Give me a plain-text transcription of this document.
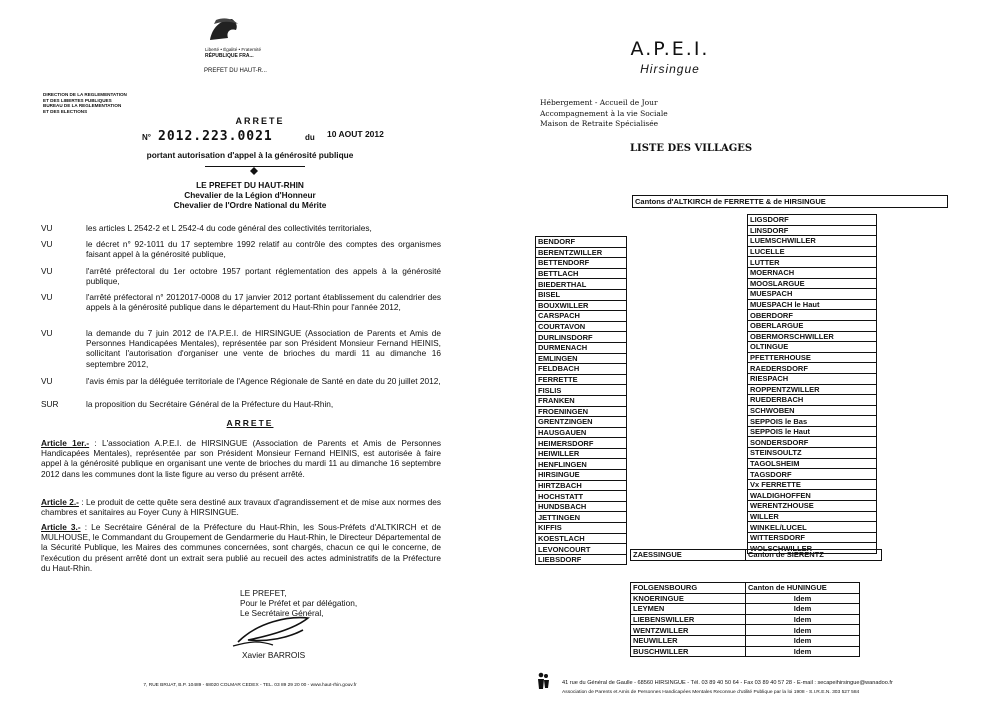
Liberté • Égalité • Fraternité
RÉPUBLIQUE FRA...
PREFET DU HAUT-R...
DIRECTION DE LA REGLEMENTATION
ET DES LIBERTES PUBLIQUES
BUREAU DE LA REGLEMENTATION
ET DES ELECTIONS
ARRETE
N° 2012.223.0021	du 10 AOUT 2012
portant autorisation d'appel à la générosité publique
LE PREFET DU HAUT-RHIN
Chevalier de la Légion d'Honneur
Chevalier de l'Ordre National du Mérite
VU	les articles L 2542-2 et L 2542-4 du code général des collectivités territoriales,
VU	le décret n° 92-1011 du 17 septembre 1992 relatif au contrôle des comptes des organismes faisant appel à la générosité publique,
VU	l'arrêté préfectoral du 1er octobre 1957 portant réglementation des appels à la générosité publique,
VU	l'arrêté préfectoral n° 2012017-0008 du 17 janvier 2012 portant établissement du calendrier des appels à la générosité publique dans le département du Haut-Rhin pour l'année 2012,
VU	la demande du 7 juin 2012 de l'A.P.E.I. de HIRSINGUE (Association de Parents et Amis de Personnes Handicapées Mentales), représentée par son Président Monsieur Fernand HEINIS, sollicitant l'autorisation d'organiser une vente de brioches du mardi 11 au dimanche 16 septembre 2012,
VU	l'avis émis par la déléguée territoriale de l'Agence Régionale de Santé en date du 20 juillet 2012,
SUR	la proposition du Secrétaire Général de la Préfecture du Haut-Rhin,
ARRETE
Article 1er.- : L'association A.P.E.I. de HIRSINGUE (Association de Parents et Amis de Personnes Handicapées Mentales), représentée par son Président Monsieur Fernand HEINIS, est autorisée à faire appel à la générosité publique en organisant une vente de brioches du mardi 11 au dimanche 16 septembre 2012 dans les communes dont la liste figure au verso du présent arrêté.
Article 2.- : Le produit de cette quête sera destiné aux travaux d'agrandissement et de mise aux normes des chambres et sanitaires au Foyer Cuny à HIRSINGUE.
Article 3.- : Le Secrétaire Général de la Préfecture du Haut-Rhin, les Sous-Préfets d'ALTKIRCH et de MULHOUSE, le Commandant du Groupement de Gendarmerie du Haut-Rhin, le Directeur Départemental de la Sécurité Publique, les Maires des communes concernées, sont chargés, chacun ce qui le concerne, de l'exécution du présent arrêté dont un extrait sera publié au recueil des actes administratifs de la Préfecture du Haut-Rhin.
LE PREFET,
Pour le Préfet et par délégation,
Le Secrétaire Général,
Xavier BARROIS
7, RUE BRUAT, B.P. 10489 - 68020 COLMAR CEDEX - TEL. 03 89 29 20 00 - www.haut-rhin.gouv.fr
A.P.E.I.
Hirsingue
Hébergement - Accueil de Jour
Accompagnement à la vie Sociale
Maison de Retraite Spécialisée
LISTE DES VILLAGES
Cantons d'ALTKIRCH de FERRETTE & de HIRSINGUE
BENDORF
BERENTZWILLER
BETTENDORF
BETTLACH
BIEDERTHAL
BISEL
BOUXWILLER
CARSPACH
COURTAVON
DURLINSDORF
DURMENACH
EMLINGEN
FELDBACH
FERRETTE
FISLIS
FRANKEN
FROENINGEN
GRENTZINGEN
HAUSGAUEN
HEIMERSDORF
HEIWILLER
HENFLINGEN
HIRSINGUE
HIRTZBACH
HOCHSTATT
HUNDSBACH
JETTINGEN
KIFFIS
KOESTLACH
LEVONCOURT
LIEBSDORF
LIGSDORF
LINSDORF
LUEMSCHWILLER
LUCELLE
LUTTER
MOERNACH
MOOSLARGUE
MUESPACH
MUESPACH le Haut
OBERDORF
OBERLARGUE
OBERMORSCHWILLER
OLTINGUE
PFETTERHOUSE
RAEDERSDORF
RIESPACH
ROPPENTZWILLER
RUEDERBACH
SCHWOBEN
SEPPOIS le Bas
SEPPOIS le Haut
SONDERSDORF
STEINSOULTZ
TAGOLSHEIM
TAGSDORF
Vx FERRETTE
WALDIGHOFFEN
WERENTZHOUSE
WILLER
WINKEL/LUCEL
WITTERSDORF
WOLSCHWILLER
ZAESSINGUE	Canton de SIERENTZ
FOLGENSBOURG	Canton de HUNINGUE
KNOERINGUE	Idem
LEYMEN	Idem
LIEBENSWILLER	Idem
WENTZWILLER	Idem
NEUWILLER	Idem
BUSCHWILLER	Idem
41 rue du Général de Gaulle - 68560 HIRSINGUE - Tél. 03 89 40 50 64 - Fax 03 89 40 57 28 - E-mail : secapeihirsingue@wanadoo.fr
Association de Parents et Amis de Personnes Handicapées Mentales Reconnue d'utilité Publique par la loi 1908 - S.I.R.E.N. 303 527 584
